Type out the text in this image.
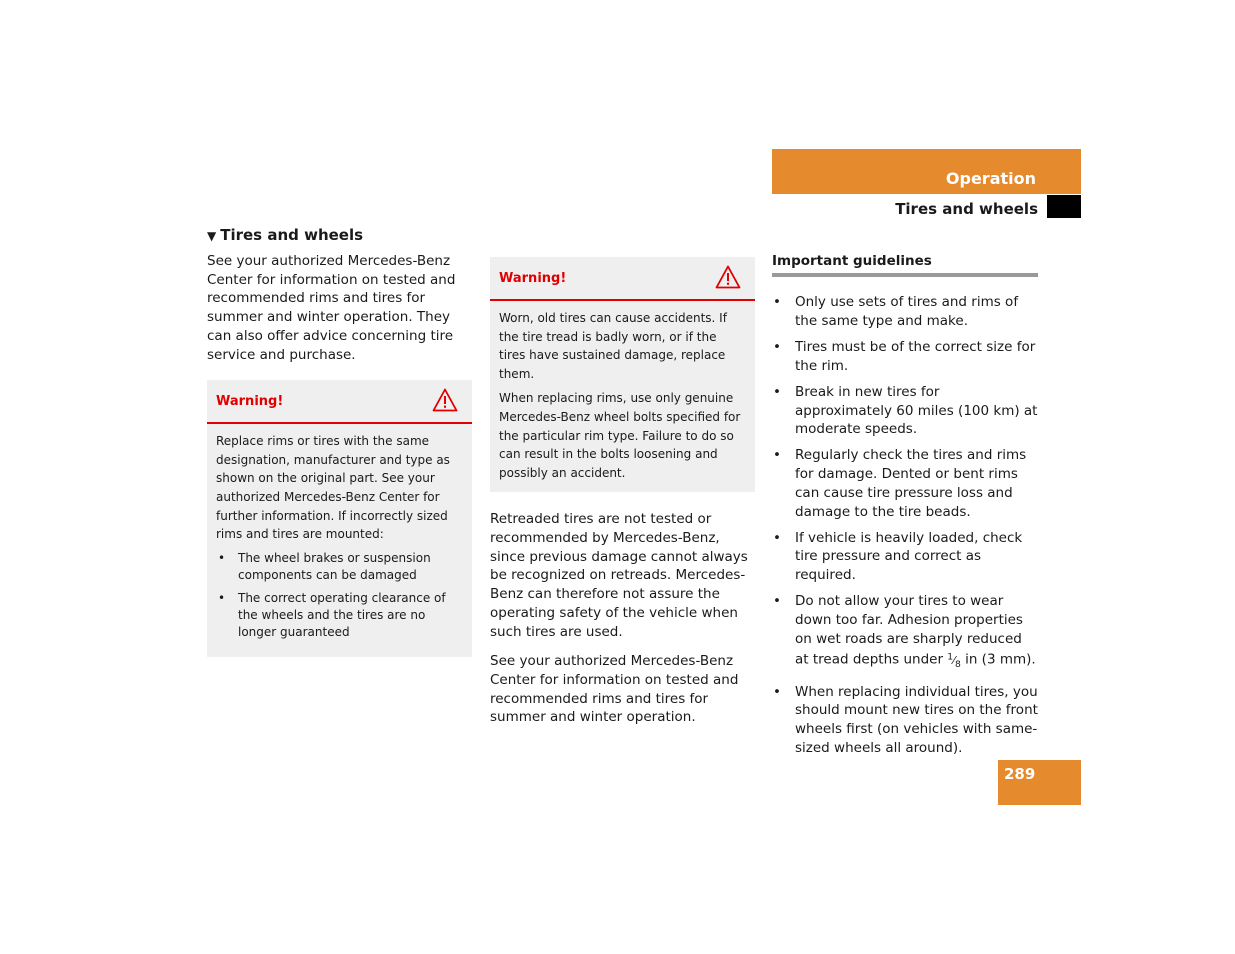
Operation
Tires and wheels
▼ Tires and wheels

See your authorized Mercedes-Benz Center for information on tested and recommended rims and tires for summer and winter operation. They can also offer advice concerning tire service and purchase.

Warning!

Replace rims or tires with the same designation, manufacturer and type as shown on the original part. See your authorized Mercedes-Benz Center for further information. If incorrectly sized rims and tires are mounted:

• The wheel brakes or suspension components can be damaged
• The correct operating clearance of the wheels and the tires are no longer guaranteed
Warning!

Worn, old tires can cause accidents. If the tire tread is badly worn, or if the tires have sustained damage, replace them.

When replacing rims, use only genuine Mercedes-Benz wheel bolts specified for the particular rim type. Failure to do so can result in the bolts loosening and possibly an accident.

Retreaded tires are not tested or recommended by Mercedes-Benz, since previous damage cannot always be recognized on retreads. Mercedes-Benz can therefore not assure the operating safety of the vehicle when such tires are used.

See your authorized Mercedes-Benz Center for information on tested and recommended rims and tires for summer and winter operation.

Important guidelines
• Only use sets of tires and rims of the same type and make.
• Tires must be of the correct size for the rim.
• Break in new tires for approximately 60 miles (100 km) at moderate speeds.
• Regularly check the tires and rims for damage. Dented or bent rims can cause tire pressure loss and damage to the tire beads.
• If vehicle is heavily loaded, check tire pressure and correct as required.
• Do not allow your tires to wear down too far. Adhesion properties on wet roads are sharply reduced at tread depths under $^1⁄_8$ in (3 mm).
• When replacing individual tires, you should mount new tires on the front wheels first (on vehicles with same-sized wheels all around).
289
